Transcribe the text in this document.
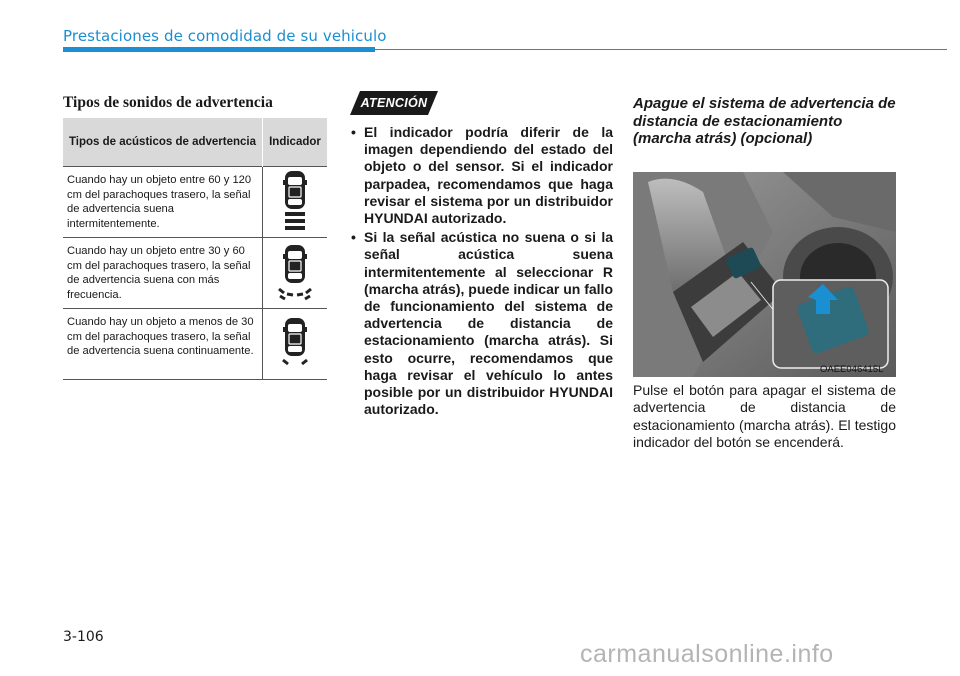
Prestaciones de comodidad de su vehiculo
Tipos de sonidos de advertencia
Tipos de acústicos de advertencia	Indicador
Cuando hay un objeto entre 60 y 120 cm del parachoques trasero, la señal de advertencia suena intermitentemente.	

Cuando hay un objeto entre 30 y 60 cm del parachoques trasero, la señal de advertencia suena con más frecuencia.	

Cuando hay un objeto a menos de 30 cm del parachoques trasero, la señal de advertencia suena continuamente.	
ATENCIÓN
• El indicador podría diferir de la imagen dependiendo del estado del objeto o del sensor. Si el indicador parpadea, recomendamos que haga revisar el sistema por un distribuidor HYUNDAI autorizado.
• Si la señal acústica no suena o si la señal acústica suena intermitentemente al seleccionar R (marcha atrás), puede indicar un fallo de funcionamiento del sistema de advertencia de distancia de estacionamiento (marcha atrás). Si esto ocurre, recomendamos que haga revisar el vehículo lo antes posible por un distribuidor HYUNDAI autorizado.
Apague el sistema de advertencia de distancia de estacionamiento (marcha atrás) (opcional)
OAEE046415L
Pulse el botón para apagar el sistema de advertencia de distancia de estacionamiento (marcha atrás). El testigo indicador del botón se encenderá.
3-106
carmanualsonline.info
